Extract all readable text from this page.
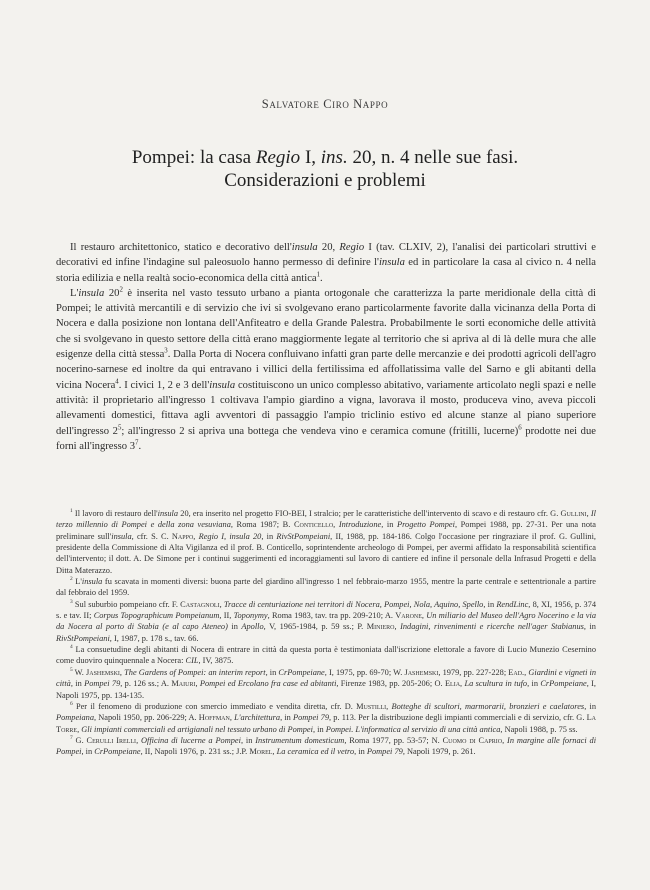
Salvatore Ciro Nappo
Pompei: la casa Regio I, ins. 20, n. 4 nelle sue fasi.
Considerazioni e problemi

Il restauro architettonico, statico e decorativo dell'insula 20, Regio I (tav. CLXIV, 2), l'analisi dei particolari struttivi e decorativi ed infine l'indagine sul paleosuolo hanno permesso di definire l'insula ed in particolare la casa al civico n. 4 nella storia edilizia e nella realtà socio-economica della città antica$^1$.

L'insula $20^2$ è inserita nel vasto tessuto urbano a pianta ortogonale che caratterizza la parte meridionale della città di Pompei; le attività mercantili e di servizio che ivi si svolgevano erano particolarmente favorite dalla vicinanza della Porta di Nocera e dalla posizione non lontana dell'Anfiteatro e della Grande Palestra. Probabilmente le sorti economiche delle attività che si svolgevano in questo settore della città erano maggiormente legate al territorio che si apriva al di là delle mura che alle esigenze della città stessa$^3$. Dalla Porta di Nocera confluivano infatti gran parte delle mercanzie e dei prodotti agricoli dell'agro nocerino-sarnese ed inoltre da qui entravano i villici della fertilissima ed affollatissima valle del Sarno e gli abitanti della vicina Nocera$^4$. I civici 1, 2 e 3 dell'insula costituiscono un unico complesso abitativo, variamente articolato negli spazi e nelle attività: il proprietario all'ingresso 1 coltivava l'ampio giardino a vigna, lavorava il mosto, produceva vino, aveva piccoli allevamenti domestici, fittava agli avventori di passaggio l'ampio triclinio estivo ed alcune stanze al piano superiore dell'ingresso $2^5$; all'ingresso 2 si apriva una bottega che vendeva vino e ceramica comune (fritilli, lucerne)$^6$ prodotte nei due forni all'ingresso $3^7$.

$^1$ Il lavoro di restauro dell'insula 20, era inserito nel progetto FIO-BEI, I stralcio; per le caratteristiche dell'intervento di scavo e di restauro cfr. G. Gullini, Il terzo millennio di Pompei e della zona vesuviana, Roma 1987; B. Conticello, Introduzione, in Progetto Pompei, Pompei 1988, pp. 27-31. Per una nota preliminare sull'insula, cfr. S. C. Nappo, Regio I, insula 20, in RivStPompeiani, II, 1988, pp. 184-186. Colgo l'occasione per ringraziare il prof. G. Gullini, presidente della Commissione di Alta Vigilanza ed il prof. B. Conticello, soprintendente archeologo di Pompei, per avermi affidato la responsabilità scientifica dell'intervento; il dott. A. De Simone per i continui suggerimenti ed incoraggiamenti sul lavoro di cantiere ed infine il personale della Infrasud Progetti e della Ditta Materazzo.

$^2$ L'insula fu scavata in momenti diversi: buona parte del giardino all'ingresso 1 nel febbraio-marzo 1955, mentre la parte centrale e settentrionale a partire dal febbraio del 1959.

$^3$ Sul suburbio pompeiano cfr. F. Castagnoli, Tracce di centuriazione nei territori di Nocera, Pompei, Nola, Aquino, Spello, in RendLinc, 8, XI, 1956, p. 374 s. e tav. II; Corpus Topographicum Pompeianum, II, Toponymy, Roma 1983, tav. tra pp. 209-210; A. Varone, Un miliario del Museo dell'Agro Nocerino e la via da Nocera al porto di Stabia (e al capo Ateneo) in Apollo, V, 1965-1984, p. 59 ss.; P. Miniero, Indagini, rinvenimenti e ricerche nell'ager Stabianus, in RivStPompeiani, I, 1987, p. 178 s., tav. 66.

$^4$ La consuetudine degli abitanti di Nocera di entrare in città da questa porta è testimoniata dall'iscrizione elettorale a favore di Lucio Munezio Cesernino come duoviro quinquennale a Nocera: CIL, IV, 3875.

$^5$ W. Jashemski, The Gardens of Pompei: an interim report, in CrPompeiane, I, 1975, pp. 69-70; W. Jashemski, 1979, pp. 227-228; Ead., Giardini e vigneti in città, in Pompei 79, p. 126 ss.; A. Maiuri, Pompei ed Ercolano fra case ed abitanti, Firenze 1983, pp. 205-206; O. Elia, La scultura in tufo, in CrPompeiane, I, Napoli 1975, pp. 134-135.

$^6$ Per il fenomeno di produzione con smercio immediato e vendita diretta, cfr. D. Mustilli, Botteghe di scultori, marmorarii, bronzieri e caelatores, in Pompeiana, Napoli 1950, pp. 206-229; A. Hoffman, L'architettura, in Pompei 79, p. 113. Per la distribuzione degli impianti commerciali e di servizio, cfr. G. La Torre, Gli impianti commerciali ed artigianali nel tessuto urbano di Pompei, in Pompei. L'informatica al servizio di una città antica, Napoli 1988, p. 75 ss.

$^7$ G. Cerulli Irelli, Officina di lucerne a Pompei, in Instrumentum domesticum, Roma 1977, pp. 53-57; N. Cuomo di Caprio, In margine alle fornaci di Pompei, in CrPompeiane, II, Napoli 1976, p. 231 ss.; J.P. Morel, La ceramica ed il vetro, in Pompei 79, Napoli 1979, p. 261.
